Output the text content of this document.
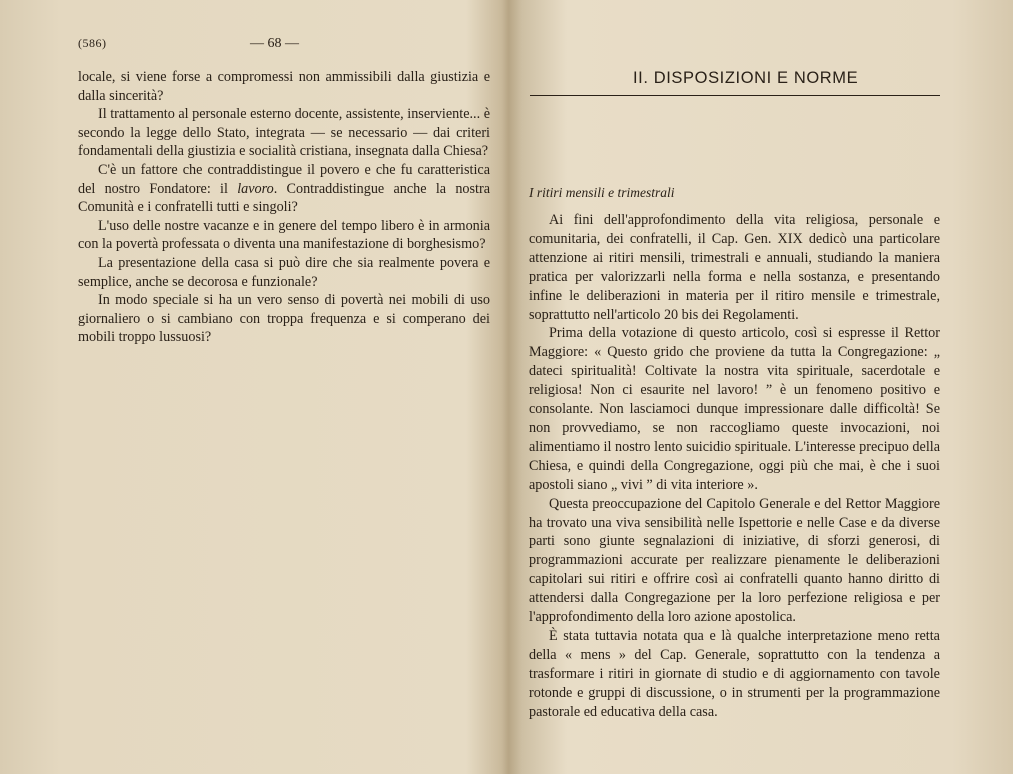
(586)	— 68 —

locale, si viene forse a compromessi non ammissibili dalla giustizia e dalla sincerità?

Il trattamento al personale esterno docente, assistente, inserviente... è secondo la legge dello Stato, integrata — se necessario — dai criteri fondamentali della giustizia e socialità cristiana, insegnata dalla Chiesa?

C'è un fattore che contraddistingue il povero e che fu caratteristica del nostro Fondatore: il lavoro. Contraddistingue anche la nostra Comunità e i confratelli tutti e singoli?

L'uso delle nostre vacanze e in genere del tempo libero è in armonia con la povertà professata o diventa una manifestazione di borghesismo?

La presentazione della casa si può dire che sia realmente povera e semplice, anche se decorosa e funzionale?

In modo speciale si ha un vero senso di povertà nei mobili di uso giornaliero o si cambiano con troppa frequenza e si comperano dei mobili troppo lussuosi?

II. DISPOSIZIONI E NORME
I ritiri mensili e trimestrali

Ai fini dell'approfondimento della vita religiosa, personale e comunitaria, dei confratelli, il Cap. Gen. XIX dedicò una particolare attenzione ai ritiri mensili, trimestrali e annuali, studiando la maniera pratica per valorizzarli nella forma e nella sostanza, e presentando infine le deliberazioni in materia per il ritiro mensile e trimestrale, soprattutto nell'articolo 20 bis dei Regolamenti.

Prima della votazione di questo articolo, così si espresse il Rettor Maggiore: « Questo grido che proviene da tutta la Congregazione: „ dateci spiritualità! Coltivate la nostra vita spirituale, sacerdotale e religiosa! Non ci esaurite nel lavoro! ” è un fenomeno positivo e consolante. Non lasciamoci dunque impressionare dalle difficoltà! Se non provvediamo, se non raccogliamo queste invocazioni, noi alimentiamo il nostro lento suicidio spirituale. L'interesse precipuo della Chiesa, e quindi della Congregazione, oggi più che mai, è che i suoi apostoli siano „ vivi ” di vita interiore ».

Questa preoccupazione del Capitolo Generale e del Rettor Maggiore ha trovato una viva sensibilità nelle Ispettorie e nelle Case e da diverse parti sono giunte segnalazioni di iniziative, di sforzi generosi, di programmazioni accurate per realizzare pienamente le deliberazioni capitolari sui ritiri e offrire così ai confratelli quanto hanno diritto di attendersi dalla Congregazione per la loro perfezione religiosa e per l'approfondimento della loro azione apostolica.

È stata tuttavia notata qua e là qualche interpretazione meno retta della « mens » del Cap. Generale, soprattutto con la tendenza a trasformare i ritiri in giornate di studio e di aggiornamento con tavole rotonde e gruppi di discussione, o in strumenti per la programmazione pastorale ed educativa della casa.
